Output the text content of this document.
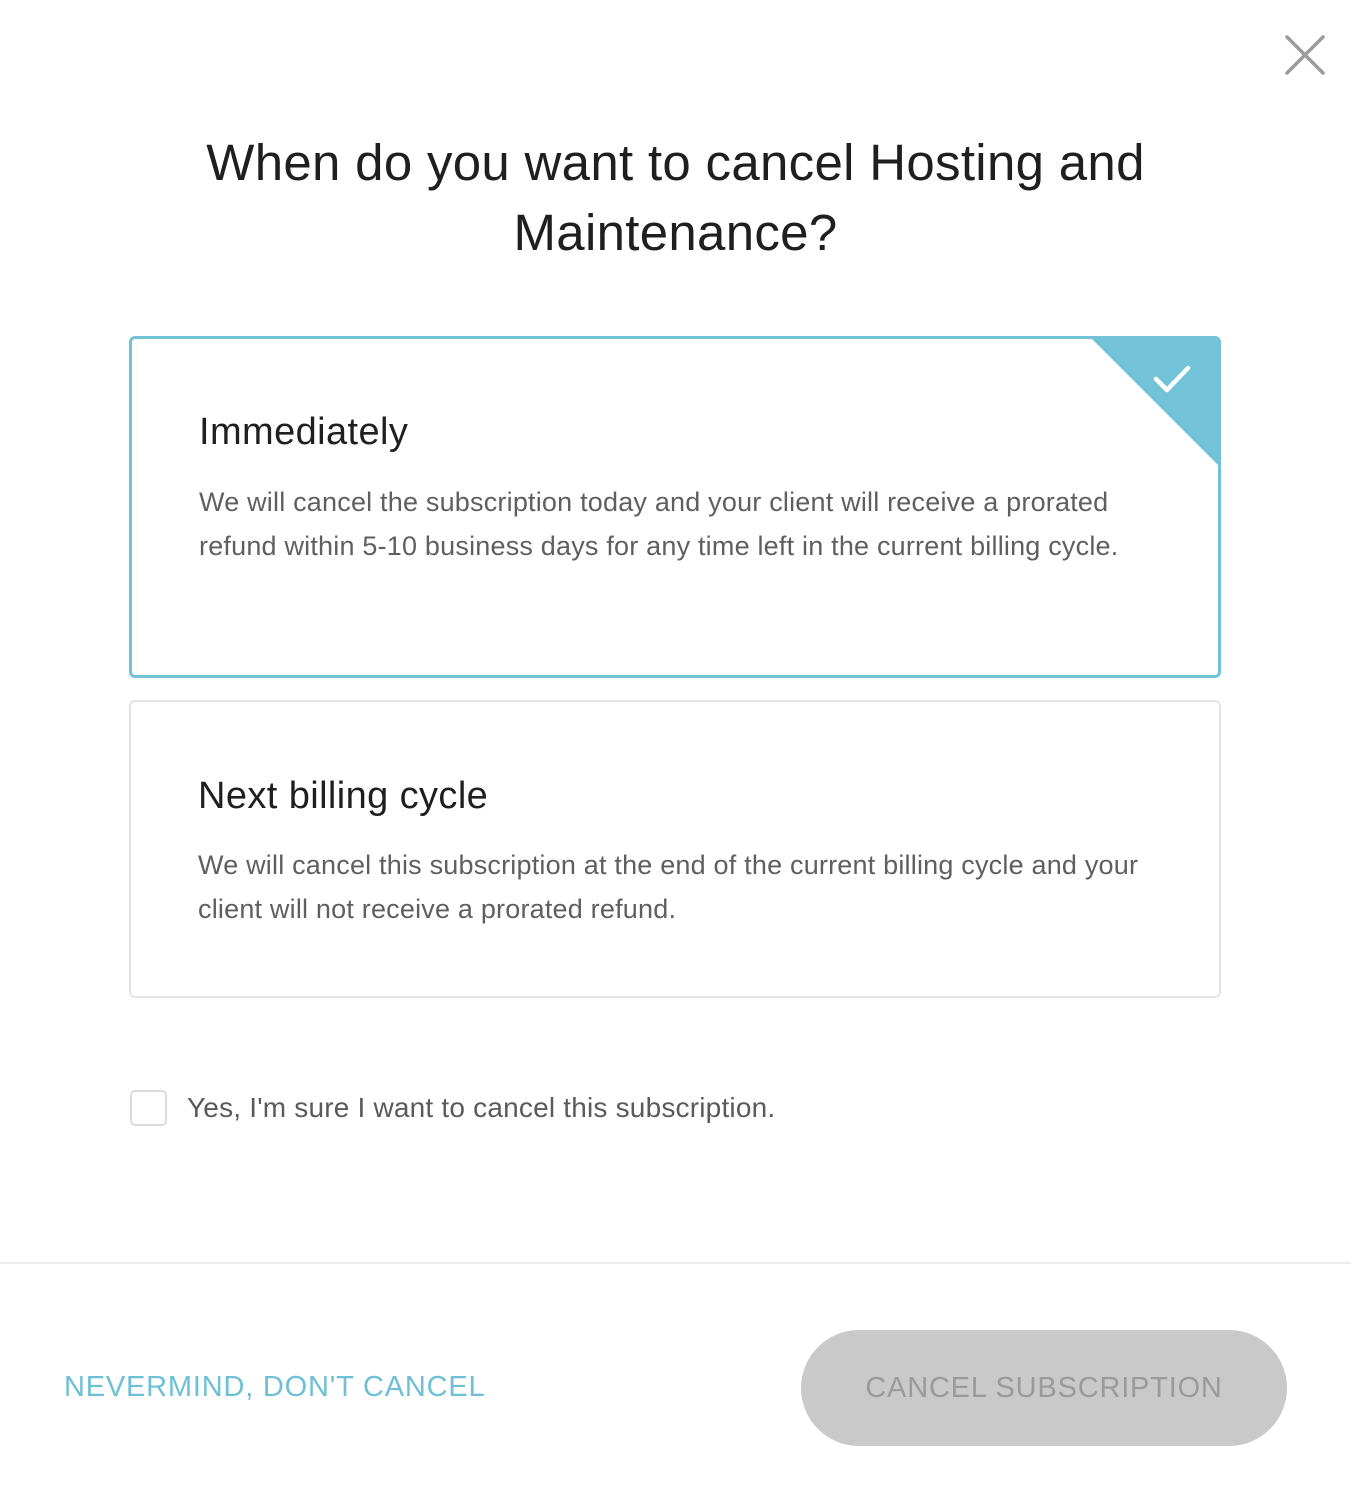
When do you want to cancel Hosting and Maintenance?
Immediately
We will cancel the subscription today and your client will receive a prorated refund within 5-10 business days for any time left in the current billing cycle.
Next billing cycle
We will cancel this subscription at the end of the current billing cycle and your client will not receive a prorated refund.
Yes, I'm sure I want to cancel this subscription.
NEVERMIND, DON'T CANCEL	CANCEL SUBSCRIPTION
